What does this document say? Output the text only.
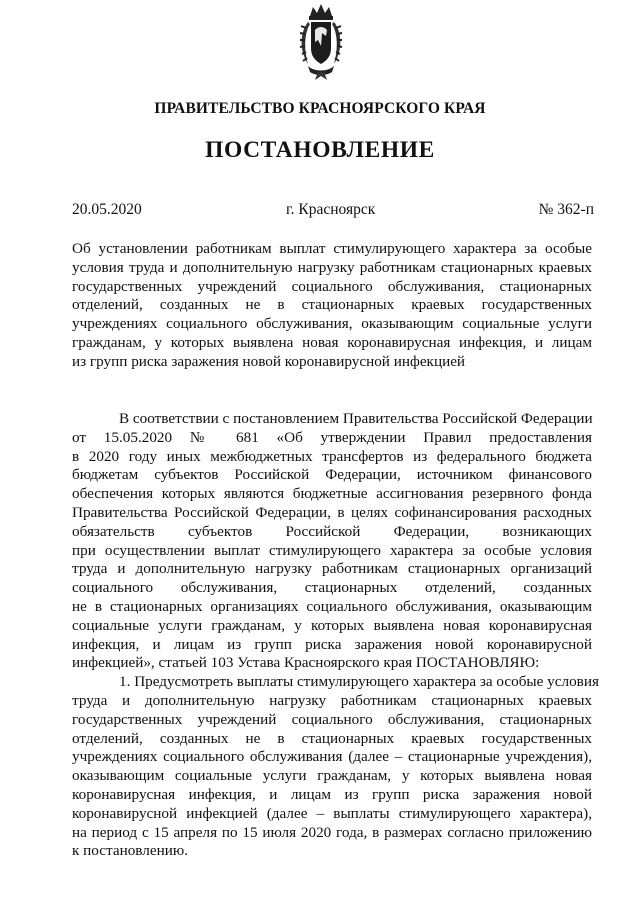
ПРАВИТЕЛЬСТВО КРАСНОЯРСКОГО КРАЯ
ПОСТАНОВЛЕНИЕ
20.05.2020	г. Красноярск	№ 362-п
Об установлении работникам выплат стимулирующего характера за особые
условия труда и дополнительную нагрузку работникам стационарных краевых
государственных учреждений социального обслуживания, стационарных
отделений, созданных не в стационарных краевых государственных
учреждениях социального обслуживания, оказывающим социальные услуги
гражданам, у которых выявлена новая коронавирусная инфекция, и лицам
из групп риска заражения новой коронавирусной инфекцией
В соответствии с постановлением Правительства Российской Федерации
от 15.05.2020 № 681 «Об утверждении Правил предоставления
в 2020 году иных межбюджетных трансфертов из федерального бюджета
бюджетам субъектов Российской Федерации, источником финансового
обеспечения которых являются бюджетные ассигнования резервного фонда
Правительства Российской Федерации, в целях софинансирования расходных
обязательств субъектов Российской Федерации, возникающих
при осуществлении выплат стимулирующего характера за особые условия
труда и дополнительную нагрузку работникам стационарных организаций
социального обслуживания, стационарных отделений, созданных
не в стационарных организациях социального обслуживания, оказывающим
социальные услуги гражданам, у которых выявлена новая коронавирусная
инфекция, и лицам из групп риска заражения новой коронавирусной
инфекцией», статьей 103 Устава Красноярского края ПОСТАНОВЛЯЮ:
1. Предусмотреть выплаты стимулирующего характера за особые условия
труда и дополнительную нагрузку работникам стационарных краевых
государственных учреждений социального обслуживания, стационарных
отделений, созданных не в стационарных краевых государственных
учреждениях социального обслуживания (далее – стационарные учреждения),
оказывающим социальные услуги гражданам, у которых выявлена новая
коронавирусная инфекция, и лицам из групп риска заражения новой
коронавирусной инфекцией (далее – выплаты стимулирующего характера),
на период с 15 апреля по 15 июля 2020 года, в размерах согласно приложению
к постановлению.
